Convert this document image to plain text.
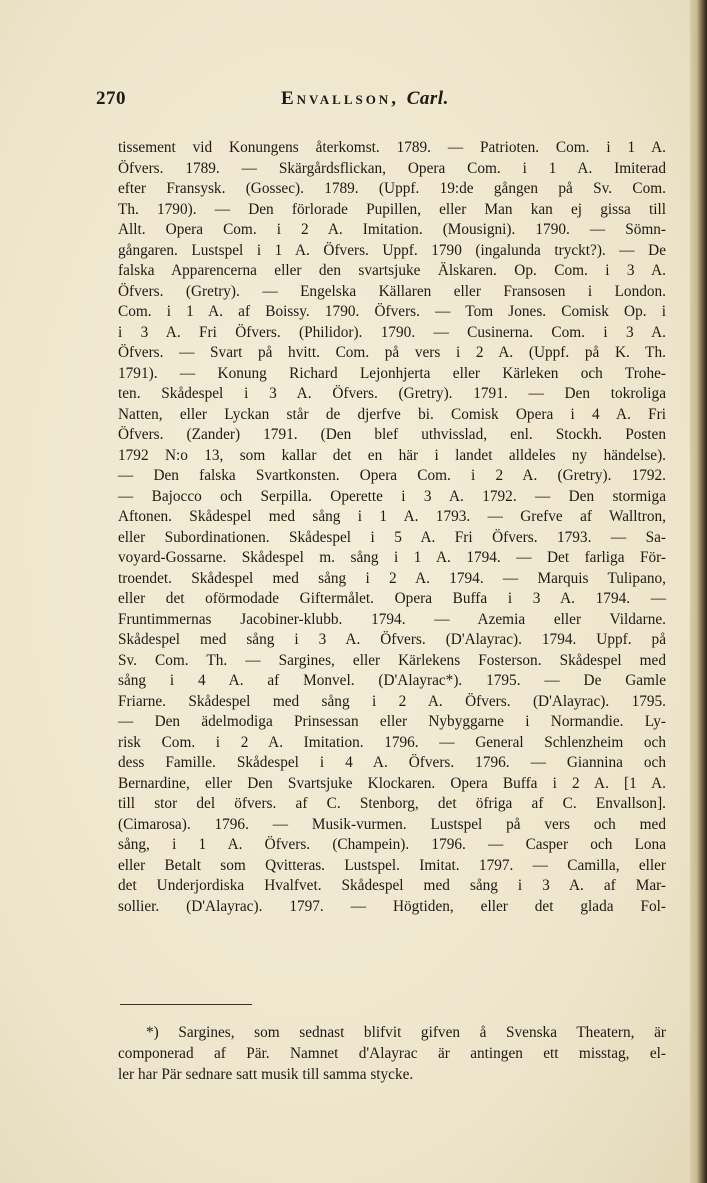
270	Envallson, Carl.
tissement vid Konungens återkomst. 1789. — Patrioten. Com. i 1 A.
Öfvers. 1789. — Skärgårdsflickan, Opera Com. i 1 A. Imiterad
efter Fransysk. (Gossec). 1789. (Uppf. 19:de gången på Sv. Com.
Th. 1790). — Den förlorade Pupillen, eller Man kan ej gissa till
Allt. Opera Com. i 2 A. Imitation. (Mousigni). 1790. — Sömn-
gångaren. Lustspel i 1 A. Öfvers. Uppf. 1790 (ingalunda tryckt?). — De
falska Apparencerna eller den svartsjuke Älskaren. Op. Com. i 3 A.
Öfvers. (Gretry). — Engelska Källaren eller Fransosen i London.
Com. i 1 A. af Boissy. 1790. Öfvers. — Tom Jones. Comisk Op. i
i 3 A. Fri Öfvers. (Philidor). 1790. — Cusinerna. Com. i 3 A.
Öfvers. — Svart på hvitt. Com. på vers i 2 A. (Uppf. på K. Th.
1791). — Konung Richard Lejonhjerta eller Kärleken och Trohe-
ten. Skådespel i 3 A. Öfvers. (Gretry). 1791. — Den tokroliga
Natten, eller Lyckan står de djerfve bi. Comisk Opera i 4 A. Fri
Öfvers. (Zander) 1791. (Den blef uthvisslad, enl. Stockh. Posten
1792 N:o 13, som kallar det en här i landet alldeles ny händelse).
— Den falska Svartkonsten. Opera Com. i 2 A. (Gretry). 1792.
— Bajocco och Serpilla. Operette i 3 A. 1792. — Den stormiga
Aftonen. Skådespel med sång i 1 A. 1793. — Grefve af Walltron,
eller Subordinationen. Skådespel i 5 A. Fri Öfvers. 1793. — Sa-
voyard-Gossarne. Skådespel m. sång i 1 A. 1794. — Det farliga För-
troendet. Skådespel med sång i 2 A. 1794. — Marquis Tulipano,
eller det oförmodade Giftermålet. Opera Buffa i 3 A. 1794. —
Fruntimmernas Jacobiner-klubb. 1794. — Azemia eller Vildarne.
Skådespel med sång i 3 A. Öfvers. (D'Alayrac). 1794. Uppf. på
Sv. Com. Th. — Sargines, eller Kärlekens Fosterson. Skådespel med
sång i 4 A. af Monvel. (D'Alayrac*). 1795. — De Gamle
Friarne. Skådespel med sång i 2 A. Öfvers. (D'Alayrac). 1795.
— Den ädelmodiga Prinsessan eller Nybyggarne i Normandie. Ly-
risk Com. i 2 A. Imitation. 1796. — General Schlenzheim och
dess Famille. Skådespel i 4 A. Öfvers. 1796. — Giannina och
Bernardine, eller Den Svartsjuke Klockaren. Opera Buffa i 2 A. [1 A.
till stor del öfvers. af C. Stenborg, det öfriga af C. Envallson].
(Cimarosa). 1796. — Musik-vurmen. Lustspel på vers och med
sång, i 1 A. Öfvers. (Champein). 1796. — Casper och Lona
eller Betalt som Qvitteras. Lustspel. Imitat. 1797. — Camilla, eller
det Underjordiska Hvalfvet. Skådespel med sång i 3 A. af Mar-
sollier. (D'Alayrac). 1797. — Högtiden, eller det glada Fol-
*) Sargines, som sednast blifvit gifven å Svenska Theatern, är
componerad af Pär. Namnet d'Alayrac är antingen ett misstag, el-
ler har Pär sednare satt musik till samma stycke.
